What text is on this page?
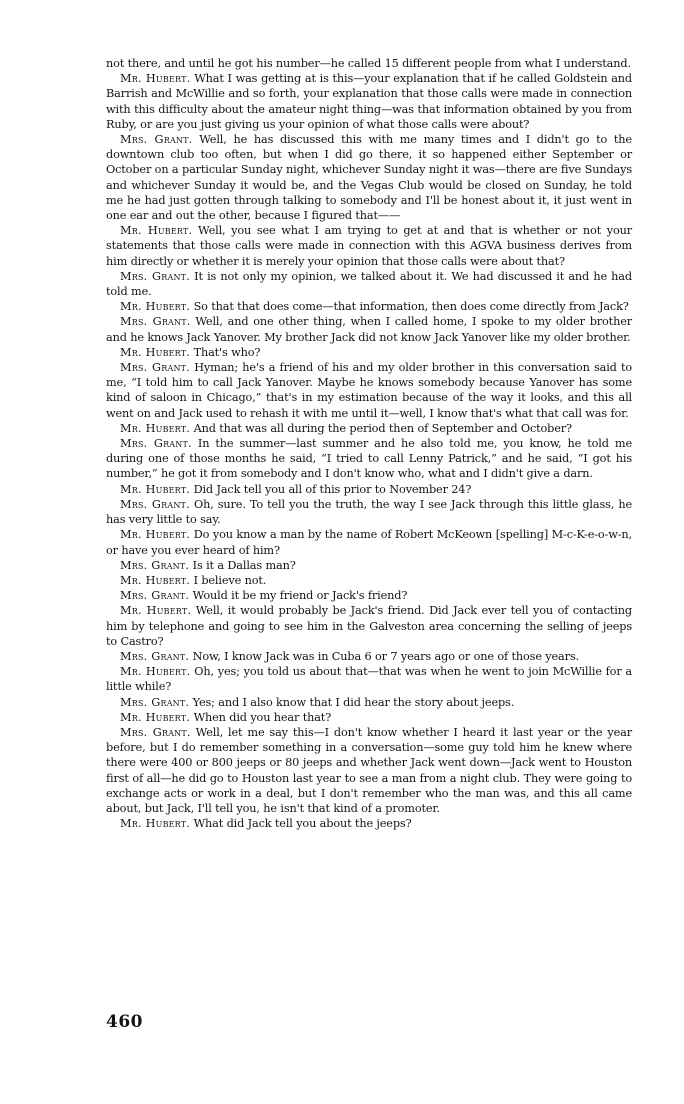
not there, and until he got his number—he called 15 different people from what I understand.

Mr. Hubert. What I was getting at is this—your explanation that if he called Goldstein and Barrish and McWillie and so forth, your explanation that those calls were made in connection with this difficulty about the amateur night thing—was that information obtained by you from Ruby, or are you just giving us your opinion of what those calls were about?

Mrs. Grant. Well, he has discussed this with me many times and I didn't go to the downtown club too often, but when I did go there, it so happened either September or October on a particular Sunday night, whichever Sunday night it was—there are five Sundays and whichever Sunday it would be, and the Vegas Club would be closed on Sunday, he told me he had just gotten through talking to somebody and I'll be honest about it, it just went in one ear and out the other, because I figured that——

Mr. Hubert. Well, you see what I am trying to get at and that is whether or not your statements that those calls were made in connection with this AGVA business derives from him directly or whether it is merely your opinion that those calls were about that?

Mrs. Grant. It is not only my opinion, we talked about it. We had discussed it and he had told me.

Mr. Hubert. So that that does come—that information, then does come directly from Jack?

Mrs. Grant. Well, and one other thing, when I called home, I spoke to my older brother and he knows Jack Yanover. My brother Jack did not know Jack Yanover like my older brother.

Mr. Hubert. That's who?

Mrs. Grant. Hyman; he's a friend of his and my older brother in this conversation said to me, “I told him to call Jack Yanover. Maybe he knows somebody because Yanover has some kind of saloon in Chicago,” that's in my estimation because of the way it looks, and this all went on and Jack used to rehash it with me until it—well, I know that's what that call was for.

Mr. Hubert. And that was all during the period then of September and October?

Mrs. Grant. In the summer—last summer and he also told me, you know, he told me during one of those months he said, “I tried to call Lenny Patrick,” and he said, “I got his number,” he got it from somebody and I don't know who, what and I didn't give a darn.

Mr. Hubert. Did Jack tell you all of this prior to November 24?

Mrs. Grant. Oh, sure. To tell you the truth, the way I see Jack through this little glass, he has very little to say.

Mr. Hubert. Do you know a man by the name of Robert McKeown [spelling] M-c-K-e-o-w-n, or have you ever heard of him?

Mrs. Grant. Is it a Dallas man?

Mr. Hubert. I believe not.

Mrs. Grant. Would it be my friend or Jack's friend?

Mr. Hubert. Well, it would probably be Jack's friend. Did Jack ever tell you of contacting him by telephone and going to see him in the Galveston area concerning the selling of jeeps to Castro?

Mrs. Grant. Now, I know Jack was in Cuba 6 or 7 years ago or one of those years.

Mr. Hubert. Oh, yes; you told us about that—that was when he went to join McWillie for a little while?

Mrs. Grant. Yes; and I also know that I did hear the story about jeeps.

Mr. Hubert. When did you hear that?

Mrs. Grant. Well, let me say this—I don't know whether I heard it last year or the year before, but I do remember something in a conversation—some guy told him he knew where there were 400 or 800 jeeps or 80 jeeps and whether Jack went down—Jack went to Houston first of all—he did go to Houston last year to see a man from a night club. They were going to exchange acts or work in a deal, but I don't remember who the man was, and this all came about, but Jack, I'll tell you, he isn't that kind of a promoter.

Mr. Hubert. What did Jack tell you about the jeeps?

460
